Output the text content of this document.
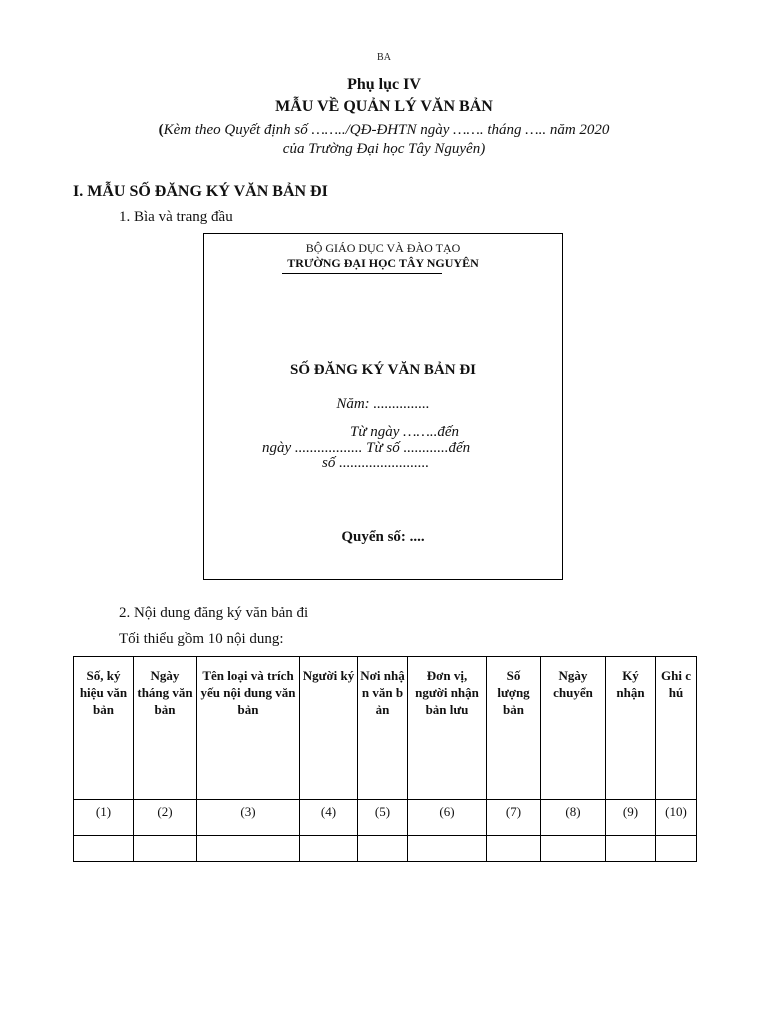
BA
Phụ lục IV
MẪU VỀ QUẢN LÝ VĂN BẢN
(Kèm theo Quyết định số ……../QĐ-ĐHTN ngày ……. tháng ….. năm 2020
của Trường Đại học Tây Nguyên)
I. MẪU SỐ ĐĂNG KÝ VĂN BẢN ĐI
1. Bìa và trang đầu
BỘ GIÁO DỤC VÀ ĐÀO TẠO
TRƯỜNG ĐẠI HỌC TÂY NGUYÊN
SỐ ĐĂNG KÝ VĂN BẢN ĐI
Năm: ...............
Từ ngày ……..đến
ngày .................. Từ số ............đến
số ........................
Quyển số: ....
2. Nội dung đăng ký văn bản đi
Tối thiểu gồm 10 nội dung:
Số, ký hiệu văn bản	Ngày tháng văn bản	Tên loại và trích yếu nội dung văn bản	Người ký	Nơi nhận văn bản	Đơn vị, người nhận bản lưu	Số lượng bản	Ngày chuyển	Ký nhận	Ghi chú
(1)	(2)	(3)	(4)	(5)	(6)	(7)	(8)	(9)	(10)
